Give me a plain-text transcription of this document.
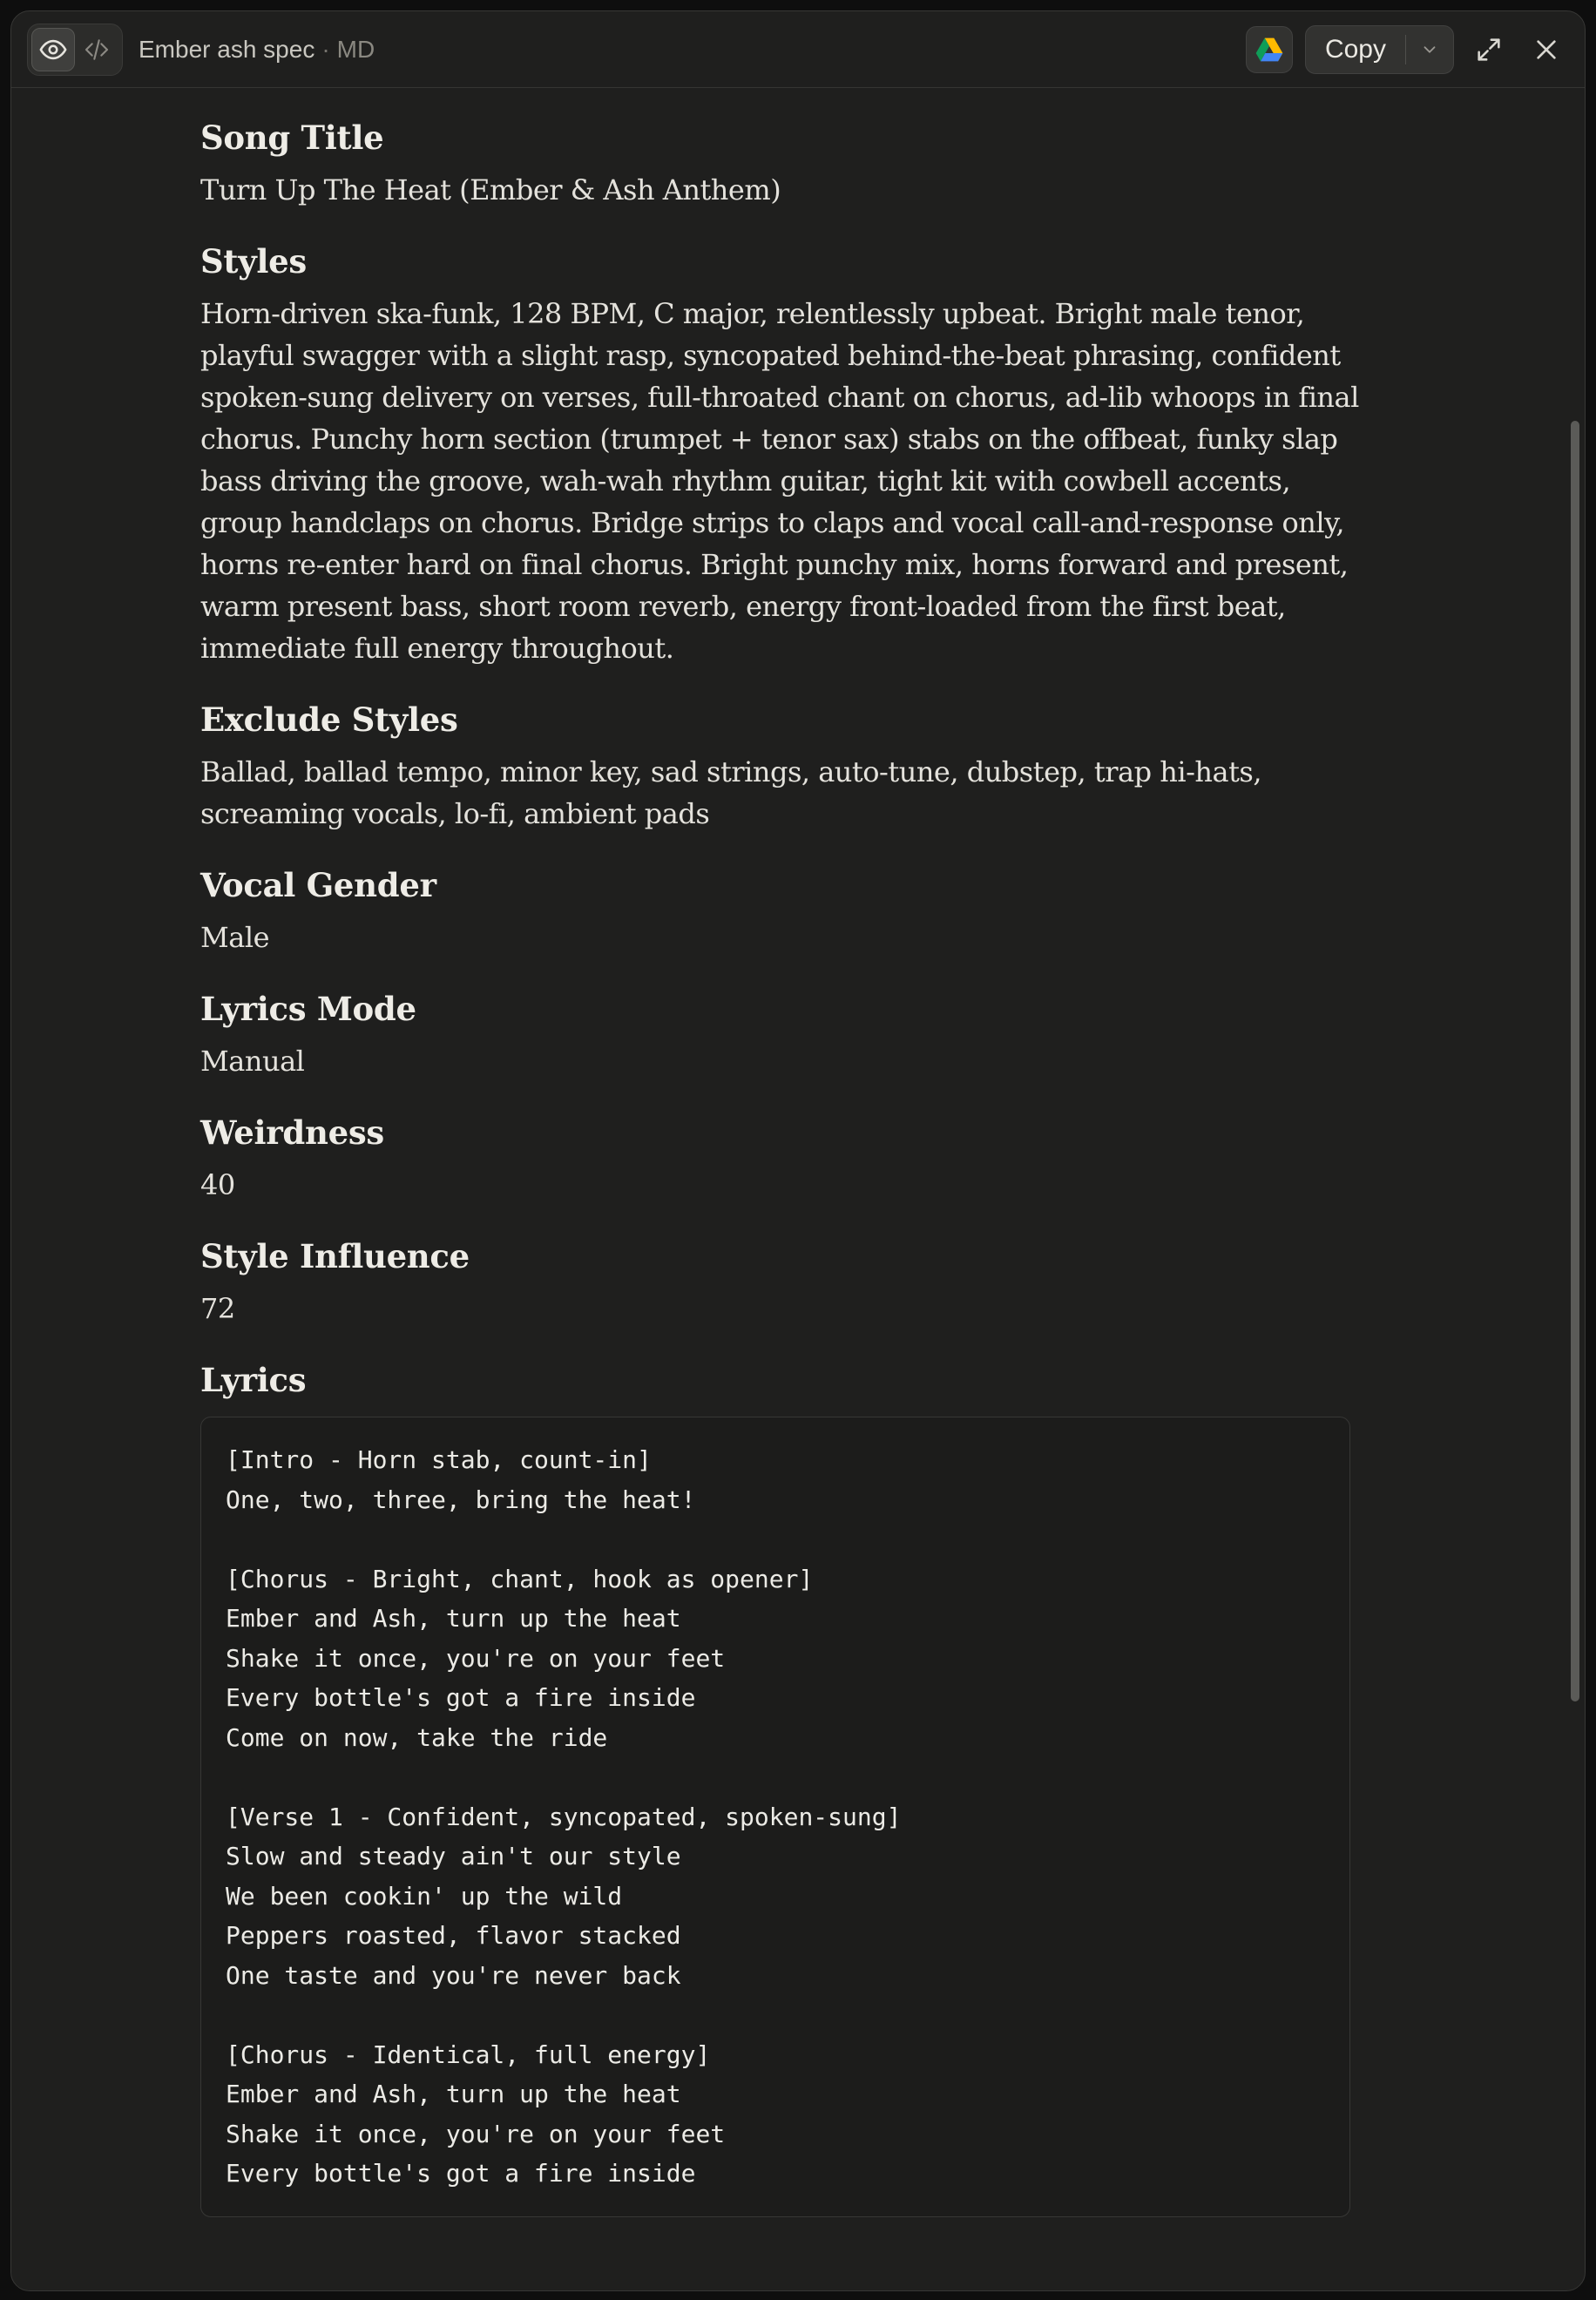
Ember ash spec · MD	Copy
Song Title

Turn Up The Heat (Ember & Ash Anthem)

Styles

Horn-driven ska-funk, 128 BPM, C major, relentlessly upbeat. Bright male tenor, playful swagger with a slight rasp, syncopated behind-the-beat phrasing, confident spoken-sung delivery on verses, full-throated chant on chorus, ad-lib whoops in final chorus. Punchy horn section (trumpet + tenor sax) stabs on the offbeat, funky slap bass driving the groove, wah-wah rhythm guitar, tight kit with cowbell accents, group handclaps on chorus. Bridge strips to claps and vocal call-and-response only, horns re-enter hard on final chorus. Bright punchy mix, horns forward and present, warm present bass, short room reverb, energy front-loaded from the first beat, immediate full energy throughout.

Exclude Styles

Ballad, ballad tempo, minor key, sad strings, auto-tune, dubstep, trap hi-hats, screaming vocals, lo-fi, ambient pads

Vocal Gender

Male

Lyrics Mode

Manual

Weirdness

40

Style Influence

72

Lyrics
[Intro - Horn stab, count-in]
One, two, three, bring the heat!

[Chorus - Bright, chant, hook as opener]
Ember and Ash, turn up the heat
Shake it once, you're on your feet
Every bottle's got a fire inside
Come on now, take the ride

[Verse 1 - Confident, syncopated, spoken-sung]
Slow and steady ain't our style
We been cookin' up the wild
Peppers roasted, flavor stacked
One taste and you're never back

[Chorus - Identical, full energy]
Ember and Ash, turn up the heat
Shake it once, you're on your feet
Every bottle's got a fire inside
